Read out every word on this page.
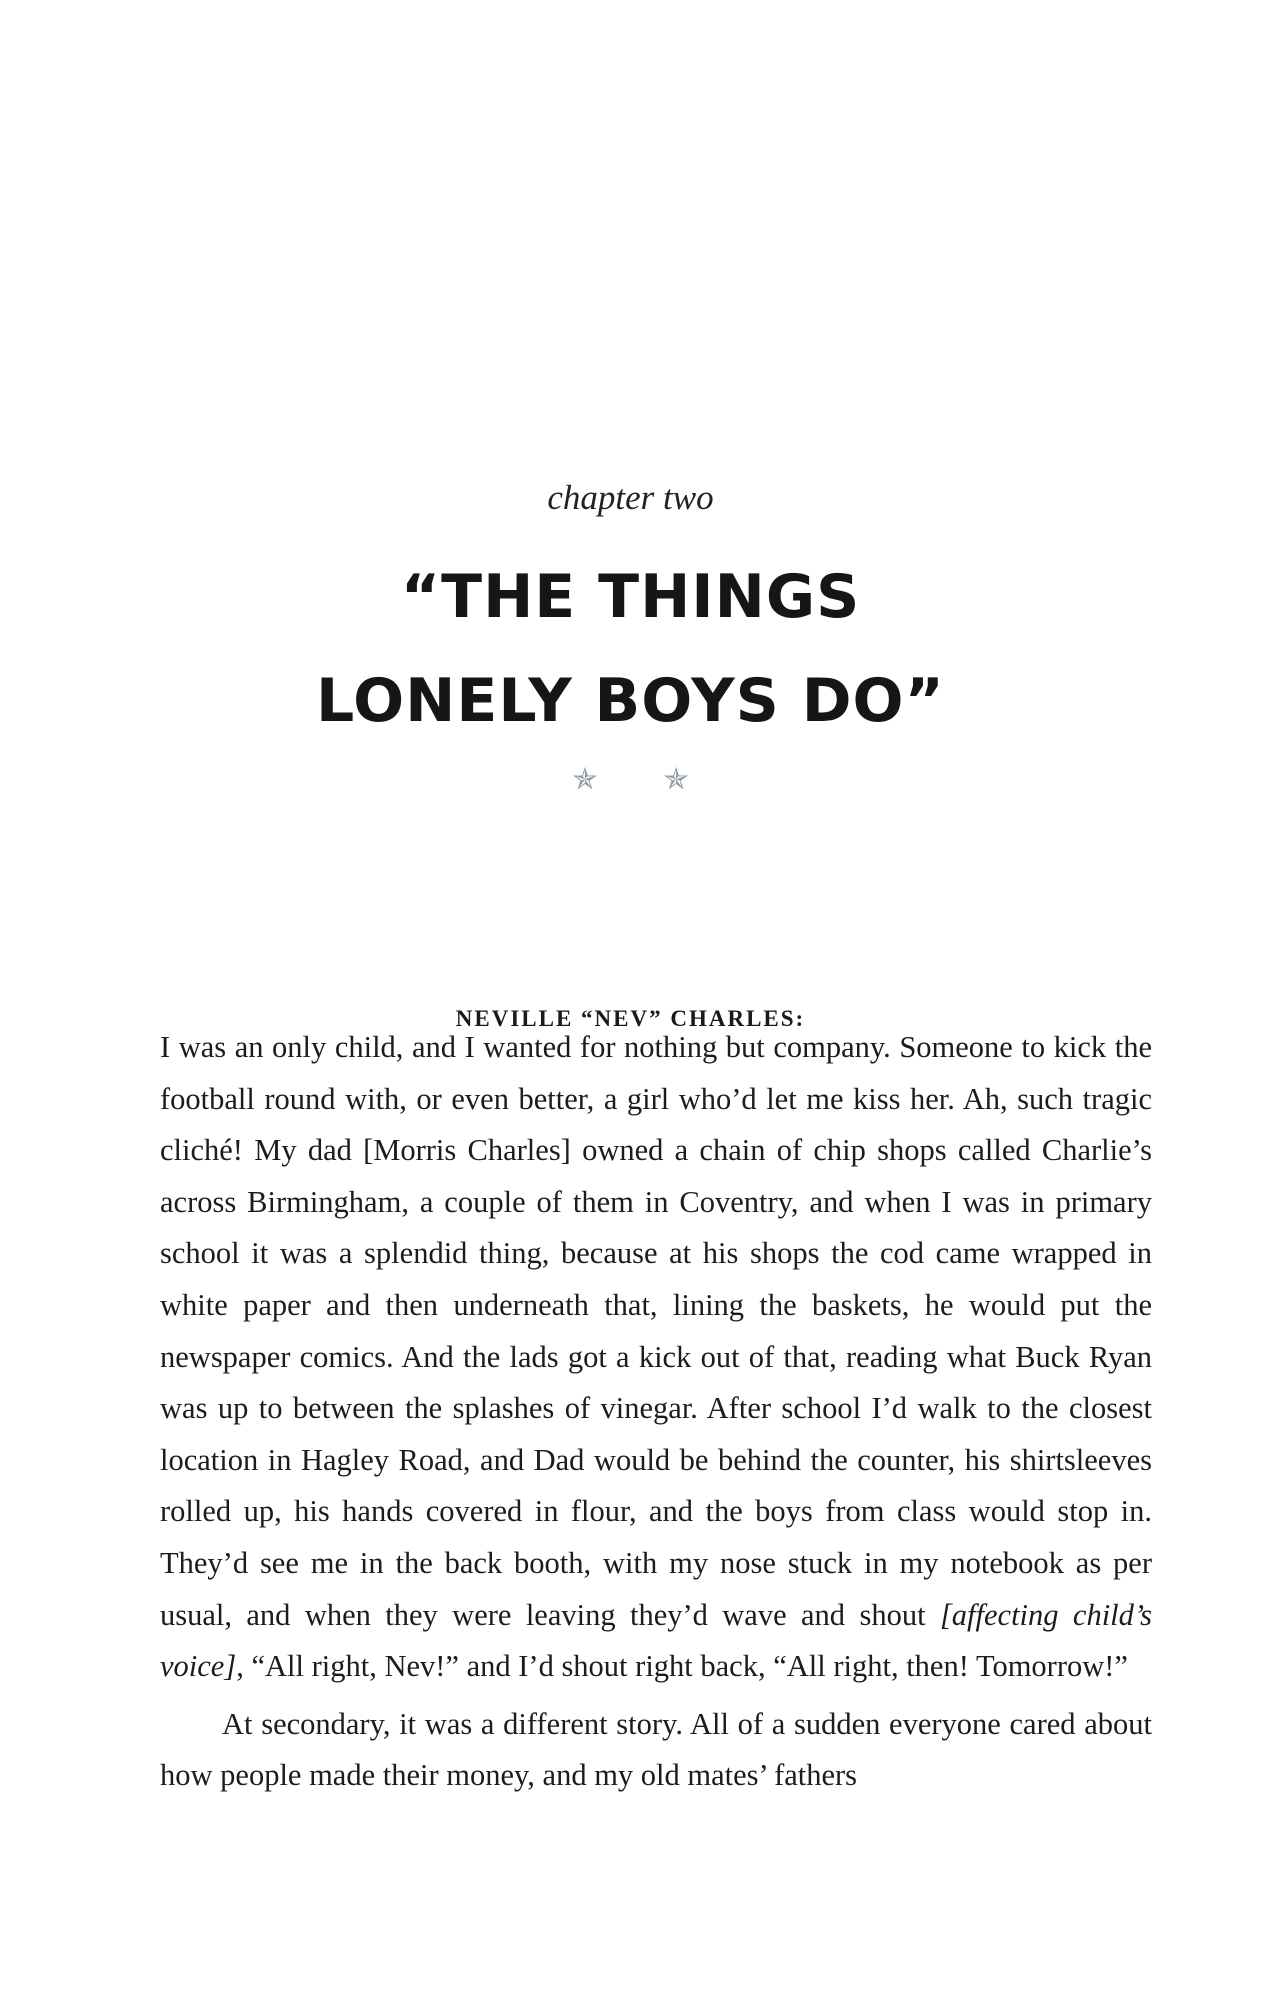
chapter two
“THE THINGS
LONELY BOYS DO”
✯ ✯
NEVILLE “NEV” CHARLES:

I was an only child, and I wanted for nothing but company. Someone to kick the football round with, or even better, a girl who’d let me kiss her. Ah, such tragic cliché! My dad [Morris Charles] owned a chain of chip shops called Charlie’s across Birmingham, a couple of them in Coventry, and when I was in primary school it was a splendid thing, because at his shops the cod came wrapped in white paper and then underneath that, lining the baskets, he would put the newspaper comics. And the lads got a kick out of that, reading what Buck Ryan was up to between the splashes of vinegar. After school I’d walk to the closest location in Hagley Road, and Dad would be behind the counter, his shirtsleeves rolled up, his hands covered in flour, and the boys from class would stop in. They’d see me in the back booth, with my nose stuck in my notebook as per usual, and when they were leaving they’d wave and shout [affecting child’s voice], “All right, Nev!” and I’d shout right back, “All right, then! Tomorrow!”

At secondary, it was a different story. All of a sudden everyone cared about how people made their money, and my old mates’ fathers
